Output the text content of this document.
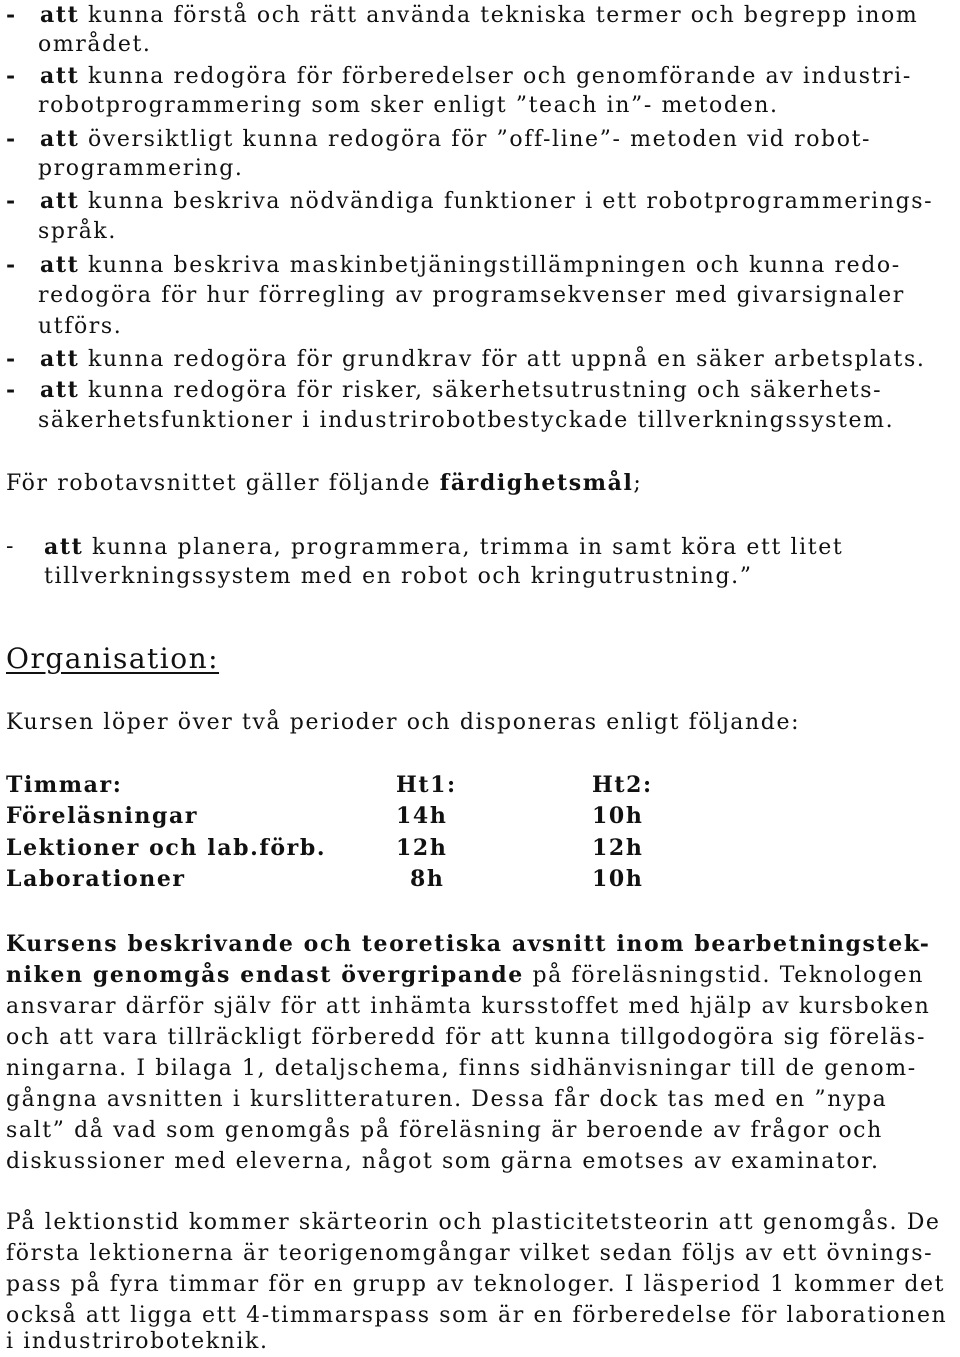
- att kunna förstå och rätt använda tekniska termer och begrepp inom
området.
- att kunna redogöra för förberedelser och genomförande av industri-
robotprogrammering som sker enligt ”teach in”- metoden.
- att översiktligt kunna redogöra för ”off-line”- metoden vid robot-
programmering.
- att kunna beskriva nödvändiga funktioner i ett robotprogrammerings-
språk.
- att kunna beskriva maskinbetjäningstillämpningen och kunna redo-
redogöra för hur förregling av programsekvenser med givarsignaler
utförs.
- att kunna redogöra för grundkrav för att uppnå en säker arbetsplats.
- att kunna redogöra för risker, säkerhetsutrustning och säkerhets-
säkerhetsfunktioner i industrirobotbestyckade tillverkningssystem.
För robotavsnittet gäller följande färdighetsmål;
- att kunna planera, programmera, trimma in samt köra ett litet
tillverkningssystem med en robot och kringutrustning.”
Organisation:
Kursen löper över två perioder och disponeras enligt följande:
Timmar:	Ht1:	Ht2:
Föreläsningar	14h	10h
Lektioner och lab.förb.	12h	12h
Laborationer	8h	10h
Kursens beskrivande och teoretiska avsnitt inom bearbetningstek-
niken genomgås endast övergripande på föreläsningstid. Teknologen
ansvarar därför själv för att inhämta kursstoffet med hjälp av kursboken
och att vara tillräckligt förberedd för att kunna tillgodogöra sig föreläs-
ningarna. I bilaga 1, detaljschema, finns sidhänvisningar till de genom-
gångna avsnitten i kurslitteraturen. Dessa får dock tas med en ”nypa
salt” då vad som genomgås på föreläsning är beroende av frågor och
diskussioner med eleverna, något som gärna emotses av examinator.
På lektionstid kommer skärteorin och plasticitetsteorin att genomgås. De
första lektionerna är teorigenomgångar vilket sedan följs av ett övnings-
pass på fyra timmar för en grupp av teknologer. I läsperiod 1 kommer det
också att ligga ett 4-timmarspass som är en förberedelse för laborationen
i industriroboteknik.
